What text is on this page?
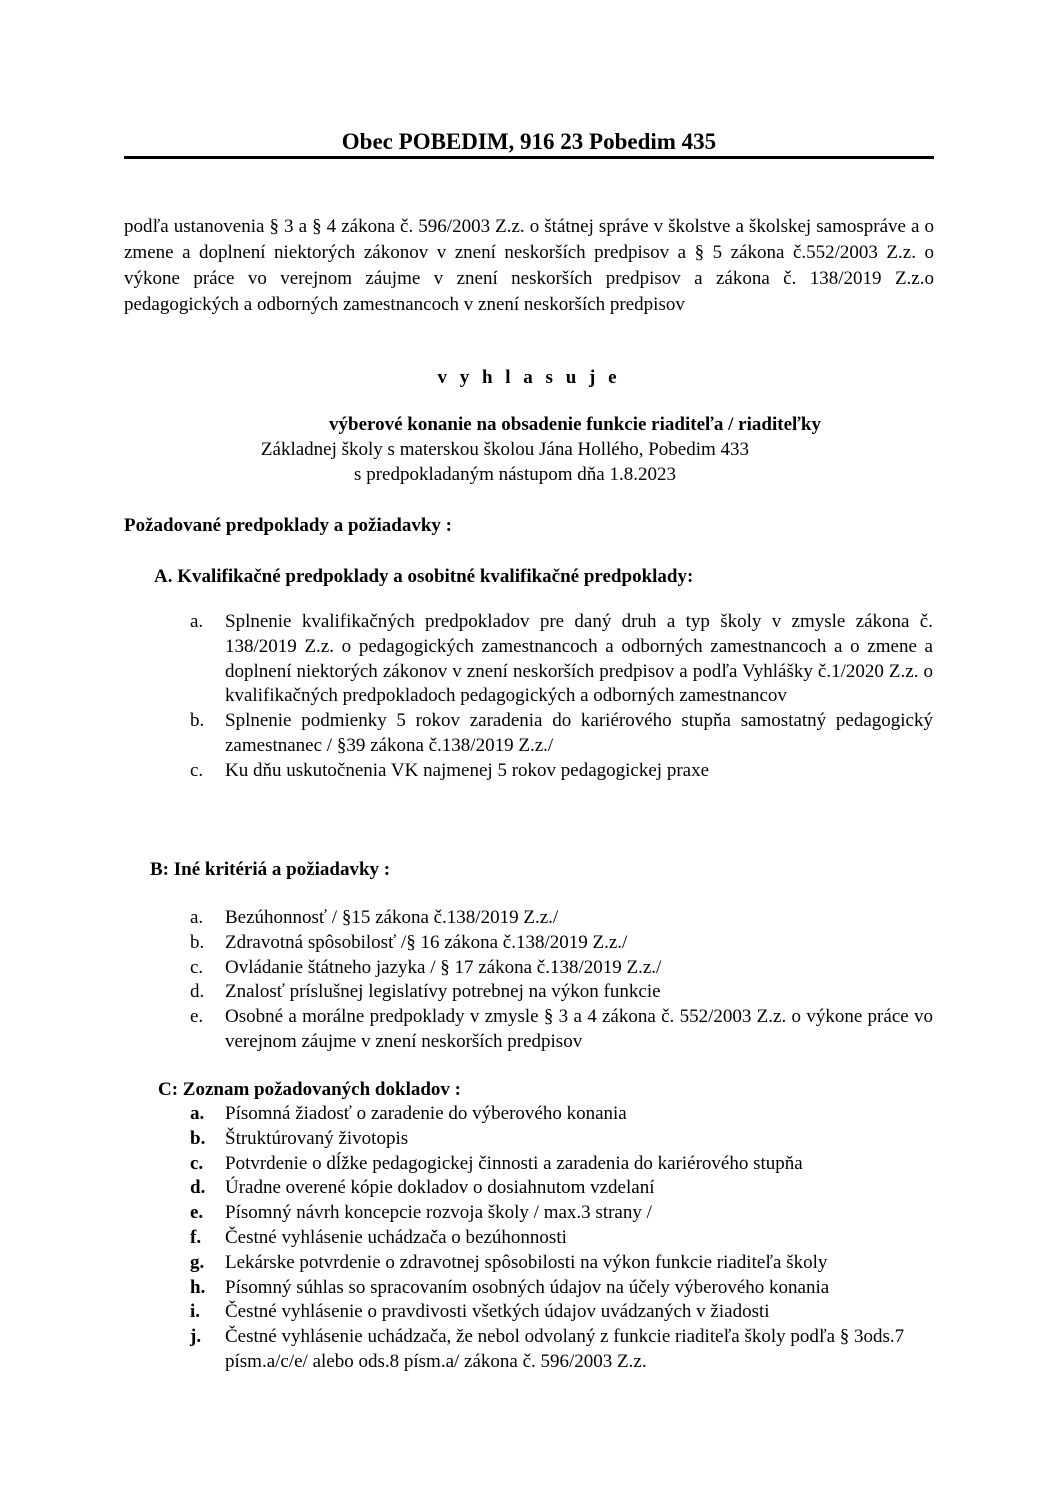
Obec POBEDIM, 916 23 Pobedim 435
podľa ustanovenia § 3 a § 4 zákona č. 596/2003 Z.z. o štátnej správe v školstve a školskej samospráve a o zmene a doplnení niektorých zákonov v znení neskorších predpisov a § 5 zákona č.552/2003 Z.z. o výkone práce vo verejnom záujme v znení neskorších predpisov a zákona č. 138/2019 Z.z.o pedagogických a odborných zamestnancoch v znení neskorších predpisov
v y h l a s u j e
výberové konanie na obsadenie funkcie riaditeľa / riaditeľky
Základnej školy s materskou školou Jána Hollého, Pobedim 433
s predpokladaným nástupom dňa 1.8.2023
Požadované predpoklady a požiadavky :
A. Kvalifikačné predpoklady a osobitné kvalifikačné predpoklady:
a. Splnenie kvalifikačných predpokladov pre daný druh a typ školy v zmysle zákona č. 138/2019 Z.z. o pedagogických zamestnancoch a odborných zamestnancoch a o zmene a doplnení niektorých zákonov v znení neskorších predpisov a podľa Vyhlášky č.1/2020 Z.z. o kvalifikačných predpokladoch pedagogických a odborných zamestnancov
b. Splnenie podmienky 5 rokov zaradenia do kariérového stupňa samostatný pedagogický zamestnanec / §39 zákona č.138/2019 Z.z./
c. Ku dňu uskutočnenia VK najmenej 5 rokov pedagogickej praxe
B: Iné kritériá a požiadavky :
a. Bezúhonnosť / §15 zákona č.138/2019 Z.z./
b. Zdravotná spôsobilosť /§ 16 zákona č.138/2019 Z.z./
c. Ovládanie štátneho jazyka / § 17 zákona č.138/2019 Z.z./
d. Znalosť príslušnej legislatívy potrebnej na výkon funkcie
e. Osobné a morálne predpoklady v zmysle § 3 a 4 zákona č. 552/2003 Z.z. o výkone práce vo verejnom záujme v znení neskorších predpisov
C: Zoznam požadovaných dokladov :
a. Písomná žiadosť o zaradenie do výberového konania
b. Štruktúrovaný životopis
c. Potvrdenie o dĺžke pedagogickej činnosti a zaradenia do kariérového stupňa
d. Úradne overené kópie dokladov o dosiahnutom vzdelaní
e. Písomný návrh koncepcie rozvoja školy / max.3 strany /
f. Čestné vyhlásenie uchádzača o bezúhonnosti
g. Lekárske potvrdenie o zdravotnej spôsobilosti na výkon funkcie riaditeľa školy
h. Písomný súhlas so spracovaním osobných údajov na účely výberového konania
i. Čestné vyhlásenie o pravdivosti všetkých údajov uvádzaných v žiadosti
j. Čestné vyhlásenie uchádzača, že nebol odvolaný z funkcie riaditeľa školy podľa § 3ods.7 písm.a/c/e/ alebo ods.8 písm.a/ zákona č. 596/2003 Z.z.
